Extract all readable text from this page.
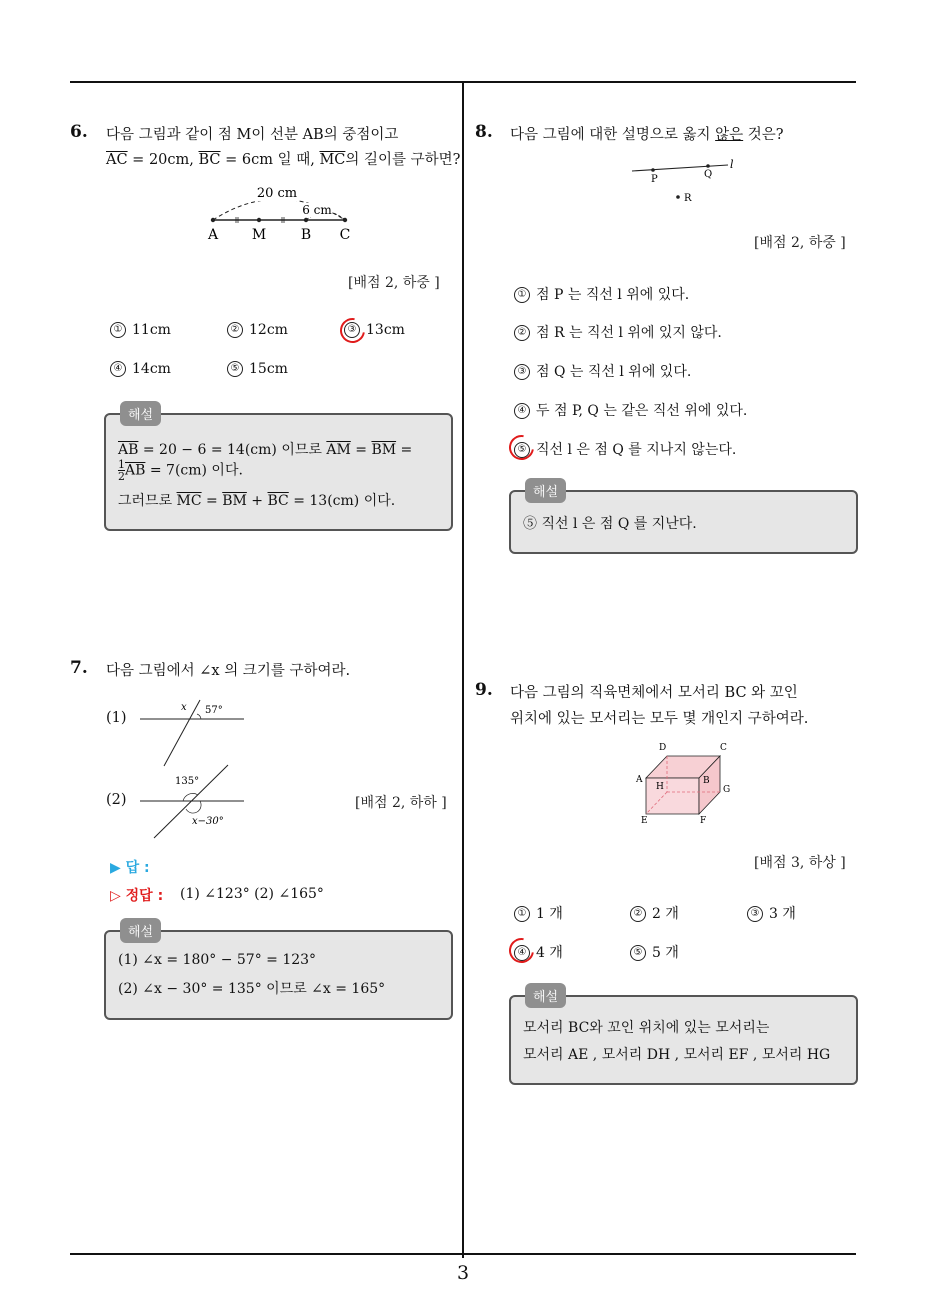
3
6. 다음 그림과 같이 점 M이 선분 AB의 중점이고
$\overline{AC} = 20cm$, $\overline{BC} = 6cm$ 일 때, $\overline{MC}$의 길이를 구하면?
20 cm
6 cm
A M B C
[배점 2, 하중 ]
① 11cm	② 12cm	③ 13cm
④ 14cm	⑤ 15cm
해설
$\overline{AB} = 20 - 6 = 14(cm)$ 이므로 $\overline{AM} = \overline{BM}$ =
$\frac{1}{2} \overline{AB} = 7(cm)$ 이다.
그러므로 $\overline{MC} = \overline{BM} + \overline{BC} = 13(cm)$ 이다.
7. 다음 그림에서 ∠x 의 크기를 구하여라.
(1)
x 57°
(2)
135°
x−30°
[배점 2, 하하 ]
▶ 답 :
▷ 정답 : (1) ∠123° (2) ∠165°
해설
(1) ∠x = 180° − 57° = 123°
(2) ∠x − 30° = 135° 이므로 ∠x = 165°
8. 다음 그림에 대한 설명으로 옳지 않은 것은?
P	Q
l
R
[배점 2, 하중 ]
① 점 P 는 직선 l 위에 있다.
② 점 R 는 직선 l 위에 있지 않다.
③ 점 Q 는 직선 l 위에 있다.
④ 두 점 P, Q 는 같은 직선 위에 있다.
⑤ 직선 l 은 점 Q 를 지나지 않는다.
해설
⑤ 직선 l 은 점 Q 를 지난다.
9. 다음 그림의 직육면체에서 모서리 BC 와 꼬인
위치에 있는 모서리는 모두 몇 개인지 구하여라.
D	C
A	B
H	G
E	F
[배점 3, 하상 ]
① 1 개	② 2 개	③ 3 개
④ 4 개	⑤ 5 개
해설
모서리 BC와 꼬인 위치에 있는 모서리는
모서리 AE , 모서리 DH , 모서리 EF , 모서리 HG
